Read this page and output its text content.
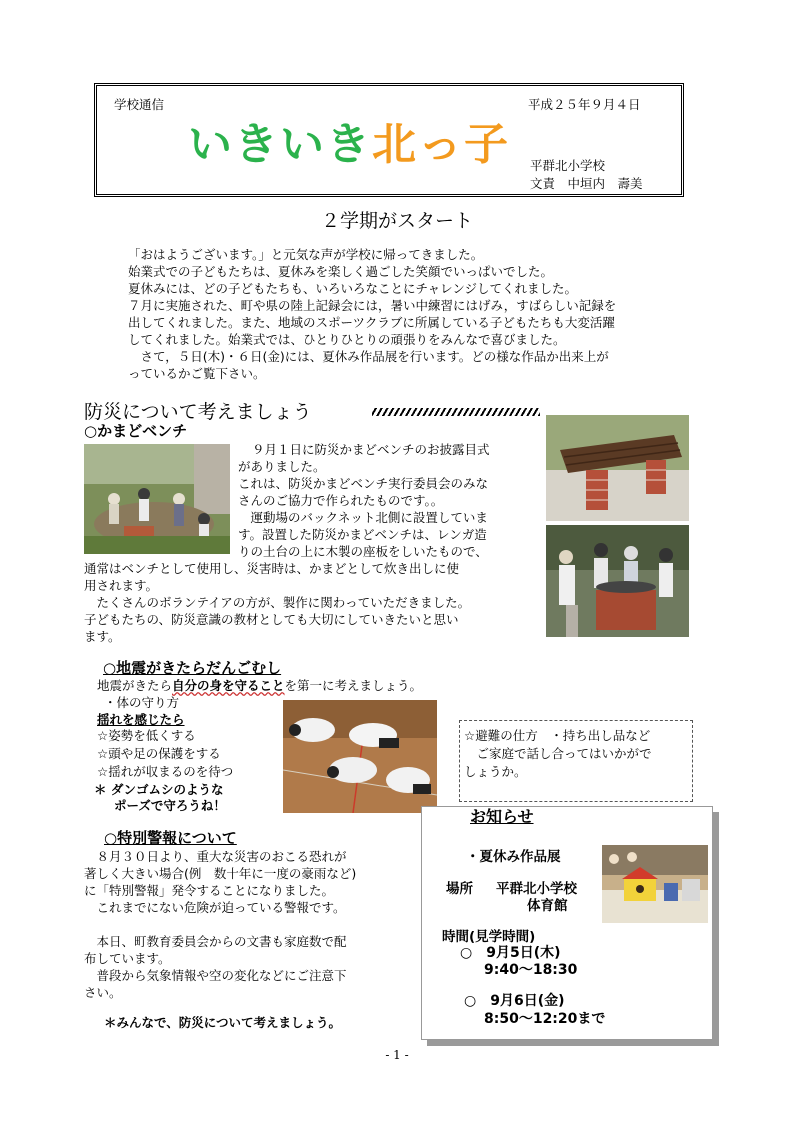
学校通信	平成２５年９月４日
いきいき北っ子 平群北小学校
文責　中垣内　壽美
２学期がスタート

「おはようございます。」と元気な声が学校に帰ってきました。

始業式での子どもたちは、夏休みを楽しく過ごした笑顔でいっぱいでした。

夏休みには、どの子どもたちも、いろいろなことにチャレンジしてくれました。

７月に実施された、町や県の陸上記録会には，暑い中練習にはげみ，すばらしい記録を

出してくれました。また、地域のスポーツクラブに所属している子どもたちも大変活躍

してくれました。始業式では、ひとりひとりの頑張りをみんなで喜びました。

　さて，５日(木)・６日(金)には、夏休み作品展を行います。どの様な作品か出来上が

っているかご覧下さい。

防災について考えましょう
○かまどベンチ
９月１日に防災かまどベンチのお披露目式
がありました。
これは、防災かまどベンチ実行委員会のみな
さんのご協力で作られたものです。。
　運動場のバックネット北側に設置していま
す。設置した防災かまどベンチは、レンガ造
りの土台の上に木製の座板をしいたもので、
通常はベンチとして使用し、災害時は、かまどとして炊き出しに使
用されます。
　たくさんのボランテイアの方が、製作に関わっていただきました。
子どもたちの、防災意識の教材としても大切にしていきたいと思い
ます。
○地震がきたらだんごむし
地震がきたら自分の身を守ることを第一に考えましょう。
・体の守り方
揺れを感じたら
☆姿勢を低くする
☆頭や足の保護をする
☆揺れが収まるのを待つ
＊ ダンゴムシのような
ポーズで守ろうね！
☆避難の仕方　・持ち出し品など
　ご家庭で話し合ってはいかがで
しょうか。
○特別警報について
　８月３０日より、重大な災害のおこる恐れが
著しく大きい場合(例　数十年に一度の豪雨など)
に「特別警報」発令することになりました。
　これまでにない危険が迫っている警報です。
　本日、町教育委員会からの文書も家庭数で配
布しています。
　普段から気象情報や空の変化などにご注意下
さい。
＊みんなで、防災について考えましょう。
お知らせ
・夏休み作品展
場所 平群北小学校
体育館
時間(見学時間)
○　9月5日(木)
9:40～18:30
○　9月6日(金)
8:50～12:20まで
- 1 -
